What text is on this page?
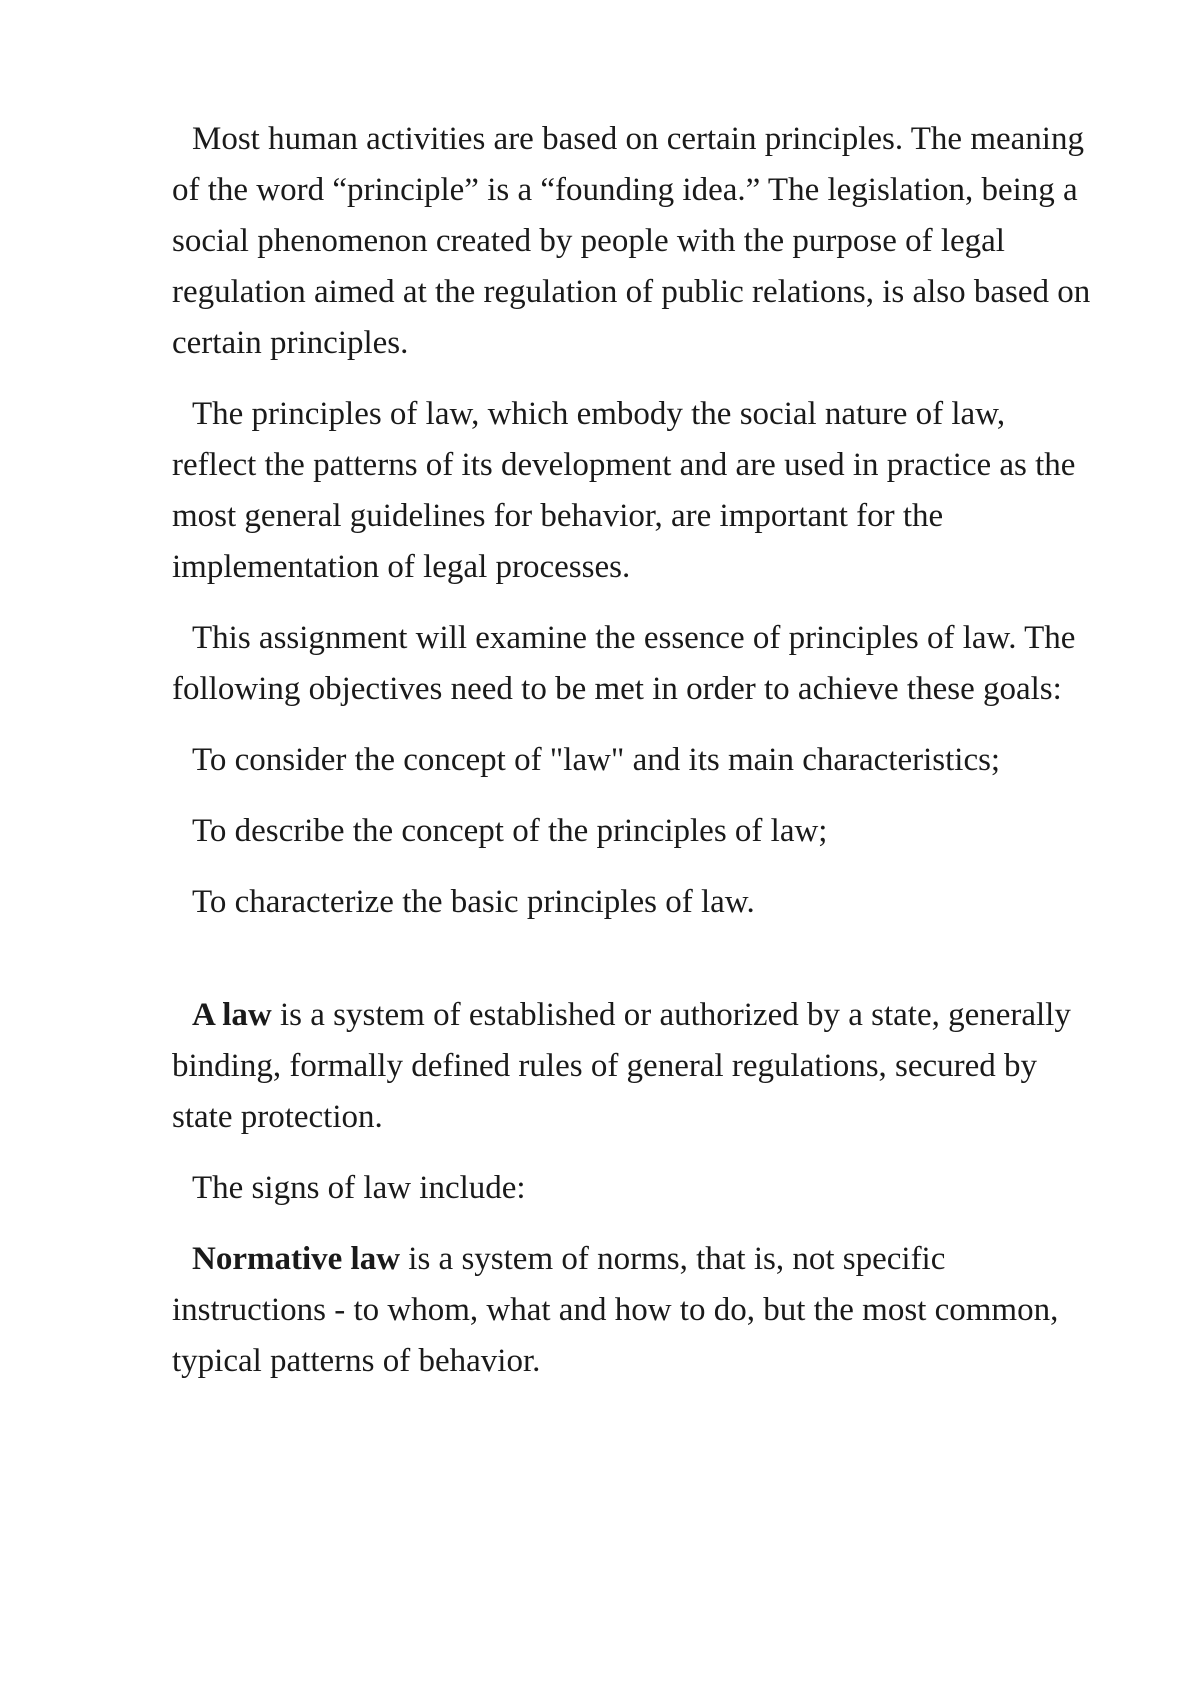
Most human activities are based on certain principles. The meaning of the word “principle” is a “founding idea.” The legislation, being a social phenomenon created by people with the purpose of legal regulation aimed at the regulation of public relations, is also based on certain principles.

The principles of law, which embody the social nature of law, reflect the patterns of its development and are used in practice as the most general guidelines for behavior, are important for the implementation of legal processes.

This assignment will examine the essence of principles of law. The following objectives need to be met in order to achieve these goals:

To consider the concept of "law" and its main characteristics;

To describe the concept of the principles of law;

To characterize the basic principles of law.

A law is a system of established or authorized by a state, generally binding, formally defined rules of general regulations, secured by state protection.

The signs of law include:

Normative law is a system of norms, that is, not specific instructions - to whom, what and how to do, but the most common, typical patterns of behavior.
